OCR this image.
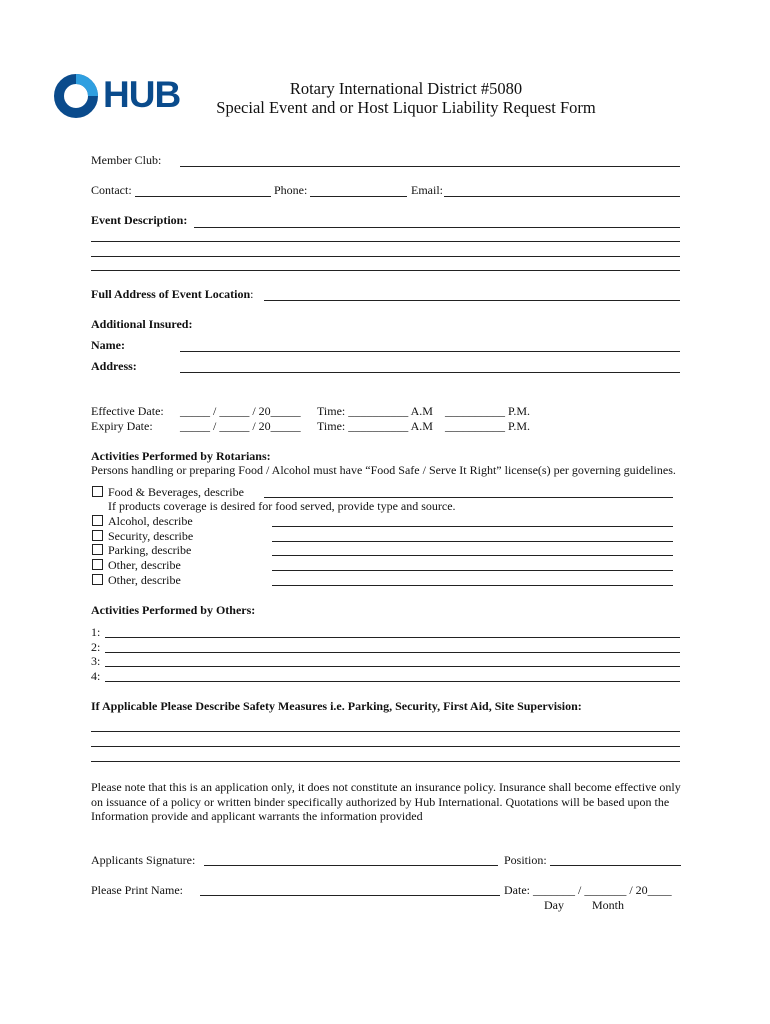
HUB	Rotary International District #5080
Special Event and or Host Liquor Liability Request Form
Member Club:
Contact:	Phone:	Email:
Event Description:
Full Address of Event Location:
Additional Insured:
Name:
Address:
Effective Date: _____ / _____ / 20_____ Time: __________ A.M __________ P.M.
Expiry Date: _____ / _____ / 20_____ Time: __________ A.M __________ P.M.
Activities Performed by Rotarians:
Persons handling or preparing Food / Alcohol must have “Food Safe / Serve It Right” license(s) per governing guidelines.
Food & Beverages, describe
If products coverage is desired for food served, provide type and source.
Alcohol, describe
Security, describe
Parking, describe
Other, describe
Other, describe
Activities Performed by Others:
1:
2:
3:
4:
If Applicable Please Describe Safety Measures i.e. Parking, Security, First Aid, Site Supervision:
Please note that this is an application only, it does not constitute an insurance policy. Insurance shall become effective only
on issuance of a policy or written binder specifically authorized by Hub International. Quotations will be based upon the
Information provide and applicant warrants the information provided
Applicants Signature:	Position:
Please Print Name:	Date: _______ / _______ / 20____
Day Month
